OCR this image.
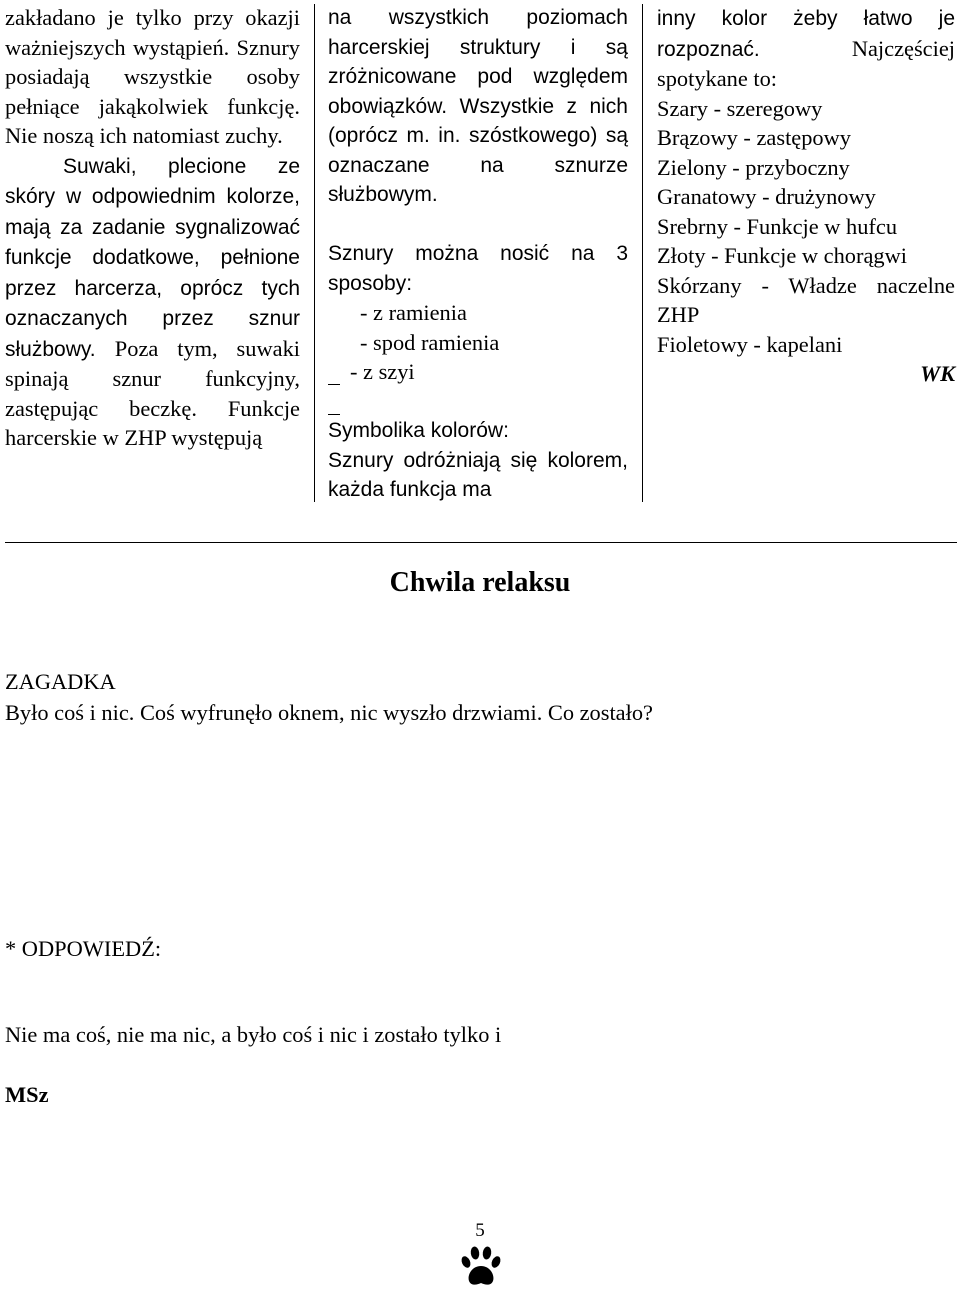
zakładano je tylko przy okazji ważniejszych wystąpień. Sznury posiadają wszystkie osoby pełniące jakąkolwiek funkcję. Nie noszą ich natomiast zuchy.

Suwaki, plecione ze skóry w odpowiednim kolorze, mają za zadanie sygnalizować funkcje dodatkowe, pełnione przez harcerza, oprócz tych oznaczanych przez sznur służbowy. Poza tym, suwaki spinają sznur funkcyjny, zastępując beczkę. Funkcje harcerskie w ZHP występują

na wszystkich poziomach harcerskiej struktury i są zróżnicowane pod względem obowiązków. Wszystkie z nich (oprócz m. in. szóstkowego) są oznaczane na sznurze służbowym.

Sznury można nosić na 3 sposoby:

- z ramienia

- spod ramienia

- z szyi

Symbolika kolorów:

Sznury odróżniają się kolorem, każda funkcja ma

inny kolor żeby łatwo je rozpoznać. Najczęściej spotykane to:

Szary - szeregowy

Brązowy - zastępowy

Zielony - przyboczny

Granatowy - drużynowy

Srebrny - Funkcje w hufcu

Złoty - Funkcje w chorągwi

Skórzany - Władze naczelne ZHP

Fioletowy - kapelani

WK

Chwila relaksu
ZAGADKA
Było coś i nic. Coś wyfrunęło oknem, nic wyszło drzwiami. Co zostało?
* ODPOWIEDŹ:
Nie ma coś, nie ma nic, a było coś i nic i zostało tylko i
MSz
5
